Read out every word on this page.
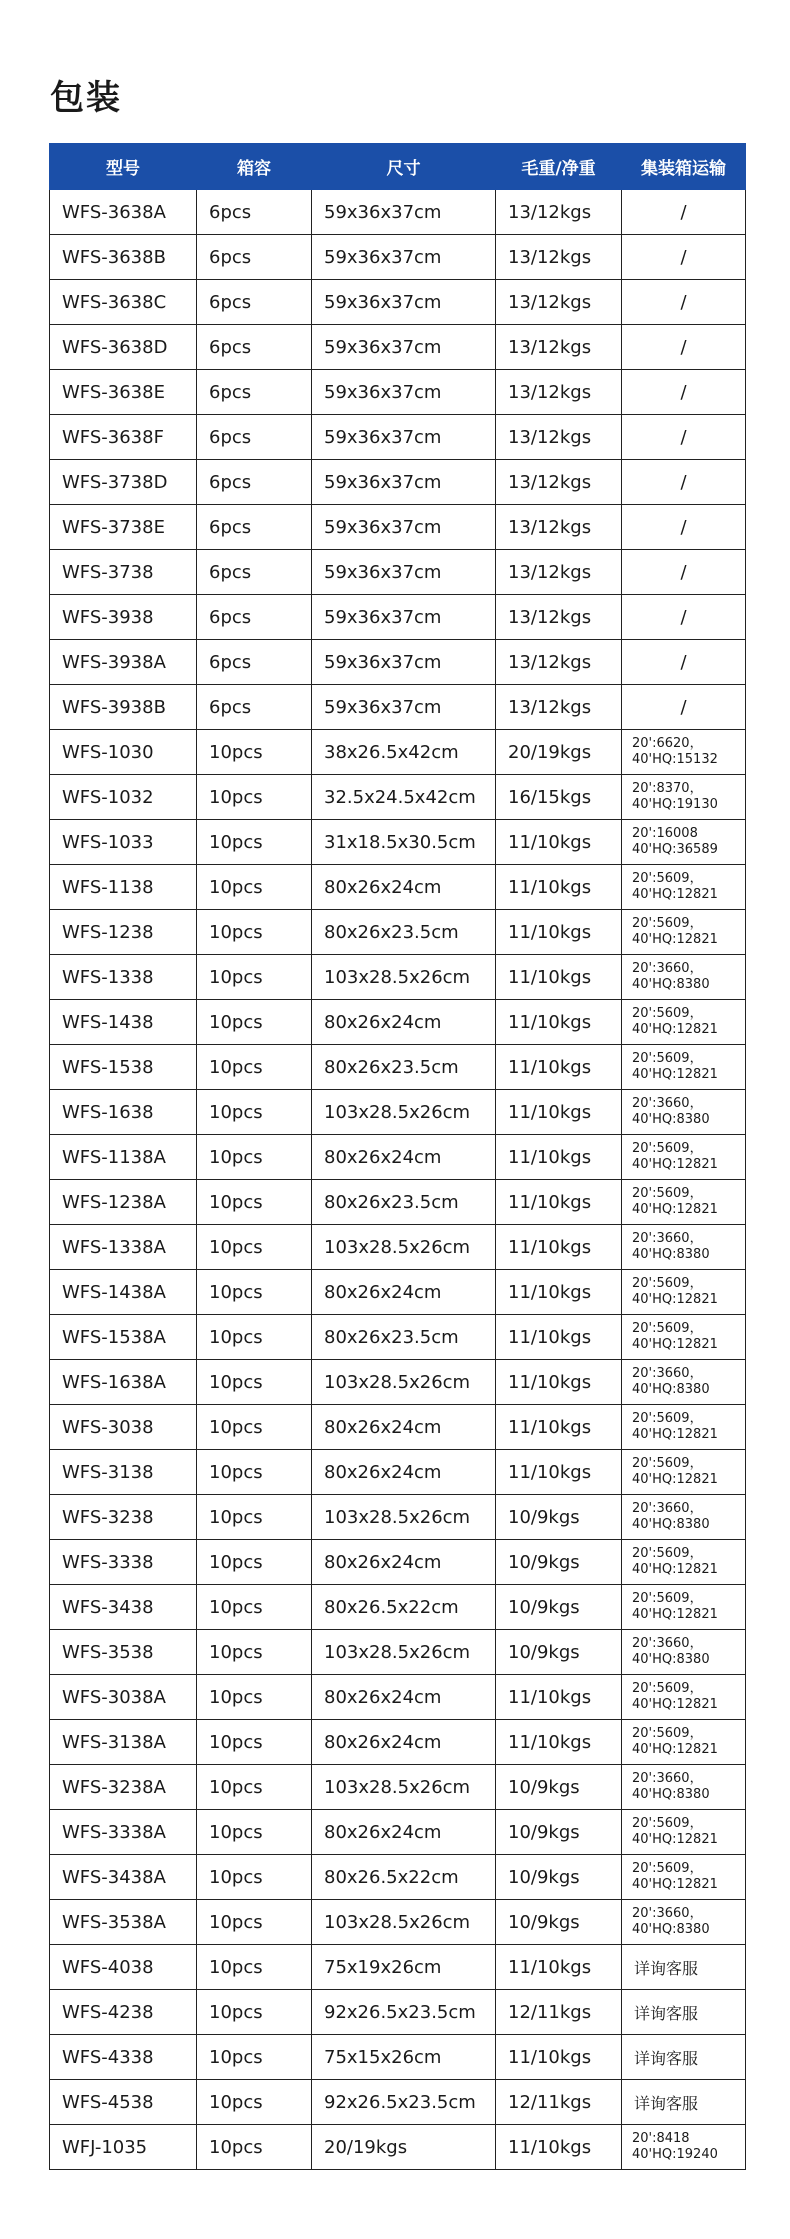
包装
型号	箱容	尺寸	毛重/净重	集装箱运输
WFS-3638A	6pcs	59x36x37cm	13/12kgs	/
WFS-3638B	6pcs	59x36x37cm	13/12kgs	/
WFS-3638C	6pcs	59x36x37cm	13/12kgs	/
WFS-3638D	6pcs	59x36x37cm	13/12kgs	/
WFS-3638E	6pcs	59x36x37cm	13/12kgs	/
WFS-3638F	6pcs	59x36x37cm	13/12kgs	/
WFS-3738D	6pcs	59x36x37cm	13/12kgs	/
WFS-3738E	6pcs	59x36x37cm	13/12kgs	/
WFS-3738	6pcs	59x36x37cm	13/12kgs	/
WFS-3938	6pcs	59x36x37cm	13/12kgs	/
WFS-3938A	6pcs	59x36x37cm	13/12kgs	/
WFS-3938B	6pcs	59x36x37cm	13/12kgs	/
WFS-1030	10pcs	38x26.5x42cm	20/19kgs	20':6620，40'HQ:15132
WFS-1032	10pcs	32.5x24.5x42cm	16/15kgs	20':8370，40'HQ:19130
WFS-1033	10pcs	31x18.5x30.5cm	11/10kgs	20':16008 40'HQ:36589
WFS-1138	10pcs	80x26x24cm	11/10kgs	20':5609，40'HQ:12821
WFS-1238	10pcs	80x26x23.5cm	11/10kgs	20':5609，40'HQ:12821
WFS-1338	10pcs	103x28.5x26cm	11/10kgs	20':3660，40'HQ:8380
WFS-1438	10pcs	80x26x24cm	11/10kgs	20':5609，40'HQ:12821
WFS-1538	10pcs	80x26x23.5cm	11/10kgs	20':5609，40'HQ:12821
WFS-1638	10pcs	103x28.5x26cm	11/10kgs	20':3660，40'HQ:8380
WFS-1138A	10pcs	80x26x24cm	11/10kgs	20':5609，40'HQ:12821
WFS-1238A	10pcs	80x26x23.5cm	11/10kgs	20':5609，40'HQ:12821
WFS-1338A	10pcs	103x28.5x26cm	11/10kgs	20':3660，40'HQ:8380
WFS-1438A	10pcs	80x26x24cm	11/10kgs	20':5609，40'HQ:12821
WFS-1538A	10pcs	80x26x23.5cm	11/10kgs	20':5609，40'HQ:12821
WFS-1638A	10pcs	103x28.5x26cm	11/10kgs	20':3660，40'HQ:8380
WFS-3038	10pcs	80x26x24cm	11/10kgs	20':5609，40'HQ:12821
WFS-3138	10pcs	80x26x24cm	11/10kgs	20':5609，40'HQ:12821
WFS-3238	10pcs	103x28.5x26cm	10/9kgs	20':3660，40'HQ:8380
WFS-3338	10pcs	80x26x24cm	10/9kgs	20':5609，40'HQ:12821
WFS-3438	10pcs	80x26.5x22cm	10/9kgs	20':5609，40'HQ:12821
WFS-3538	10pcs	103x28.5x26cm	10/9kgs	20':3660，40'HQ:8380
WFS-3038A	10pcs	80x26x24cm	11/10kgs	20':5609，40'HQ:12821
WFS-3138A	10pcs	80x26x24cm	11/10kgs	20':5609，40'HQ:12821
WFS-3238A	10pcs	103x28.5x26cm	10/9kgs	20':3660，40'HQ:8380
WFS-3338A	10pcs	80x26x24cm	10/9kgs	20':5609，40'HQ:12821
WFS-3438A	10pcs	80x26.5x22cm	10/9kgs	20':5609，40'HQ:12821
WFS-3538A	10pcs	103x28.5x26cm	10/9kgs	20':3660，40'HQ:8380
WFS-4038	10pcs	75x19x26cm	11/10kgs	详询客服
WFS-4238	10pcs	92x26.5x23.5cm	12/11kgs	详询客服
WFS-4338	10pcs	75x15x26cm	11/10kgs	详询客服
WFS-4538	10pcs	92x26.5x23.5cm	12/11kgs	详询客服
WFJ-1035	10pcs	20/19kgs	11/10kgs	20':8418 40'HQ:19240
